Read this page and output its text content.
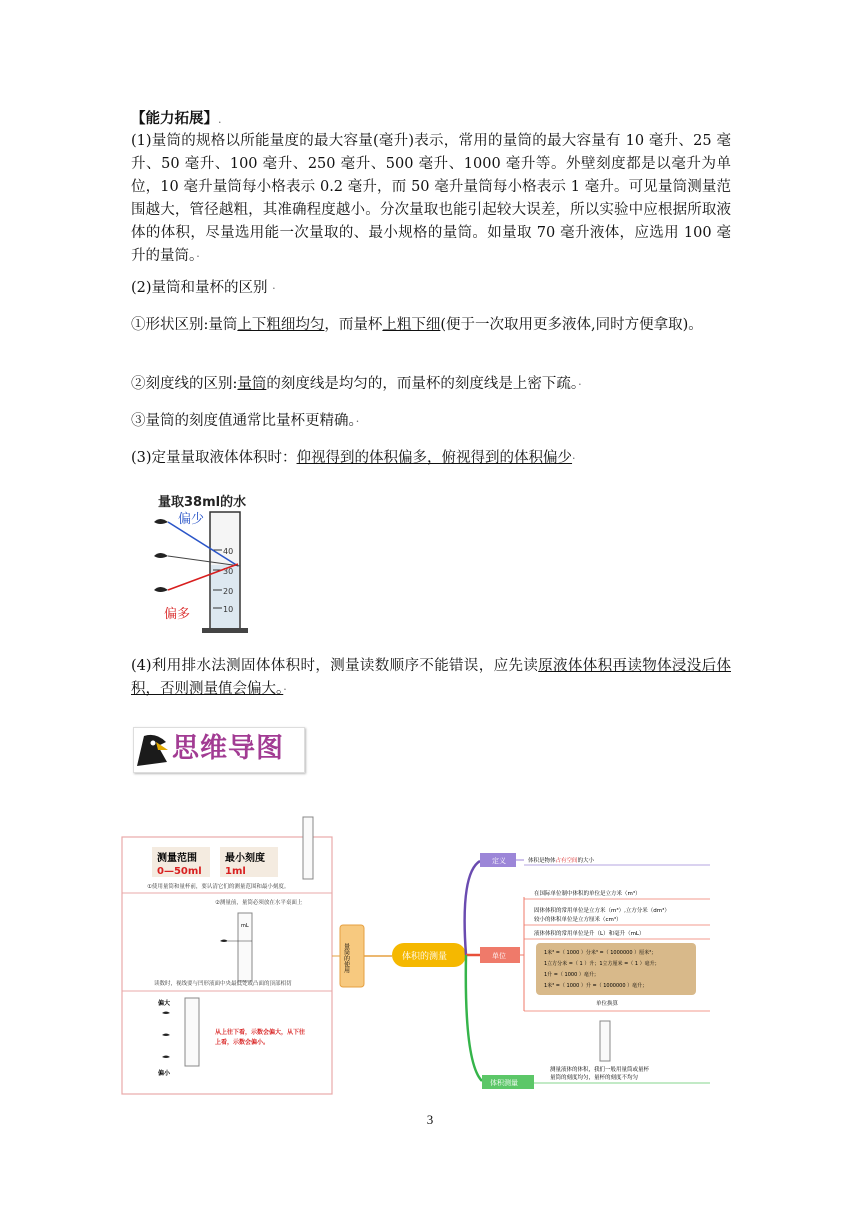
【能力拓展】.
(1)量筒的规格以所能量度的最大容量(毫升)表示，常用的量筒的最大容量有 10 毫升、25 毫升、50 毫升、100 毫升、250 毫升、500 毫升、1000 毫升等。外壁刻度都是以毫升为单位，10 毫升量筒每小格表示 0.2 毫升，而 50 毫升量筒每小格表示 1 毫升。可见量筒测量范围越大，管径越粗，其准确程度越小。分次量取也能引起较大误差，所以实验中应根据所取液体的体积，尽量选用能一次量取的、最小规格的量筒。如量取 70 毫升液体，应选用 100 毫升的量筒。·
(2)量筒和量杯的区别 ·
①形状区别:量筒上下粗细均匀，而量杯上粗下细(便于一次取用更多液体,同时方便拿取)。
②刻度线的区别:量筒的刻度线是均匀的，而量杯的刻度线是上密下疏。·
③量筒的刻度值通常比量杯更精确。·
(3)定量量取液体体积时：仰视得到的体积偏多，俯视得到的体积偏少·
量取38ml的水
40
30
20
10
偏少
偏多
(4)利用排水法测固体体积时，测量读数顺序不能错误，应先读原液体体积再读物体浸没后体积，否则测量值会偏大。·
思维导图
测量范围
0—50ml
最小刻度
1ml
①使用量筒和量杯前，要认清它们的测量范围和最小刻度。
②测量前，量筒必须放在水平桌面上
mL
读数时，视线要与凹形液面中央最低处或凸面的顶部相切
偏大
偏小
从上往下看，示数会偏大，从下往
上看，示数会偏小。
量筒的使用	体积的测量
定义	体积是物体占有空间的大小
单位
在国际单位制中体积的单位是立方米（m³）
固体体积的常用单位是立方米（m³）,立方分米（dm³）
较小的体积单位是立方厘米（cm³）
液体体积的常用单位是升（L）和毫升（mL）
1米³ =（ 1000 ）分米³ =（ 1000000 ）厘米³；
1立方分米 =（ 1 ）升；1立方厘米 =（ 1 ）毫升；
1升 =（ 1000 ）毫升；
1米³ =（ 1000 ）升 =（ 1000000 ）毫升；
单位换算
体积测量
测量液体的体积，我们一般用量筒或量杯
量筒的刻度均匀，量杯的刻度不均匀
3
